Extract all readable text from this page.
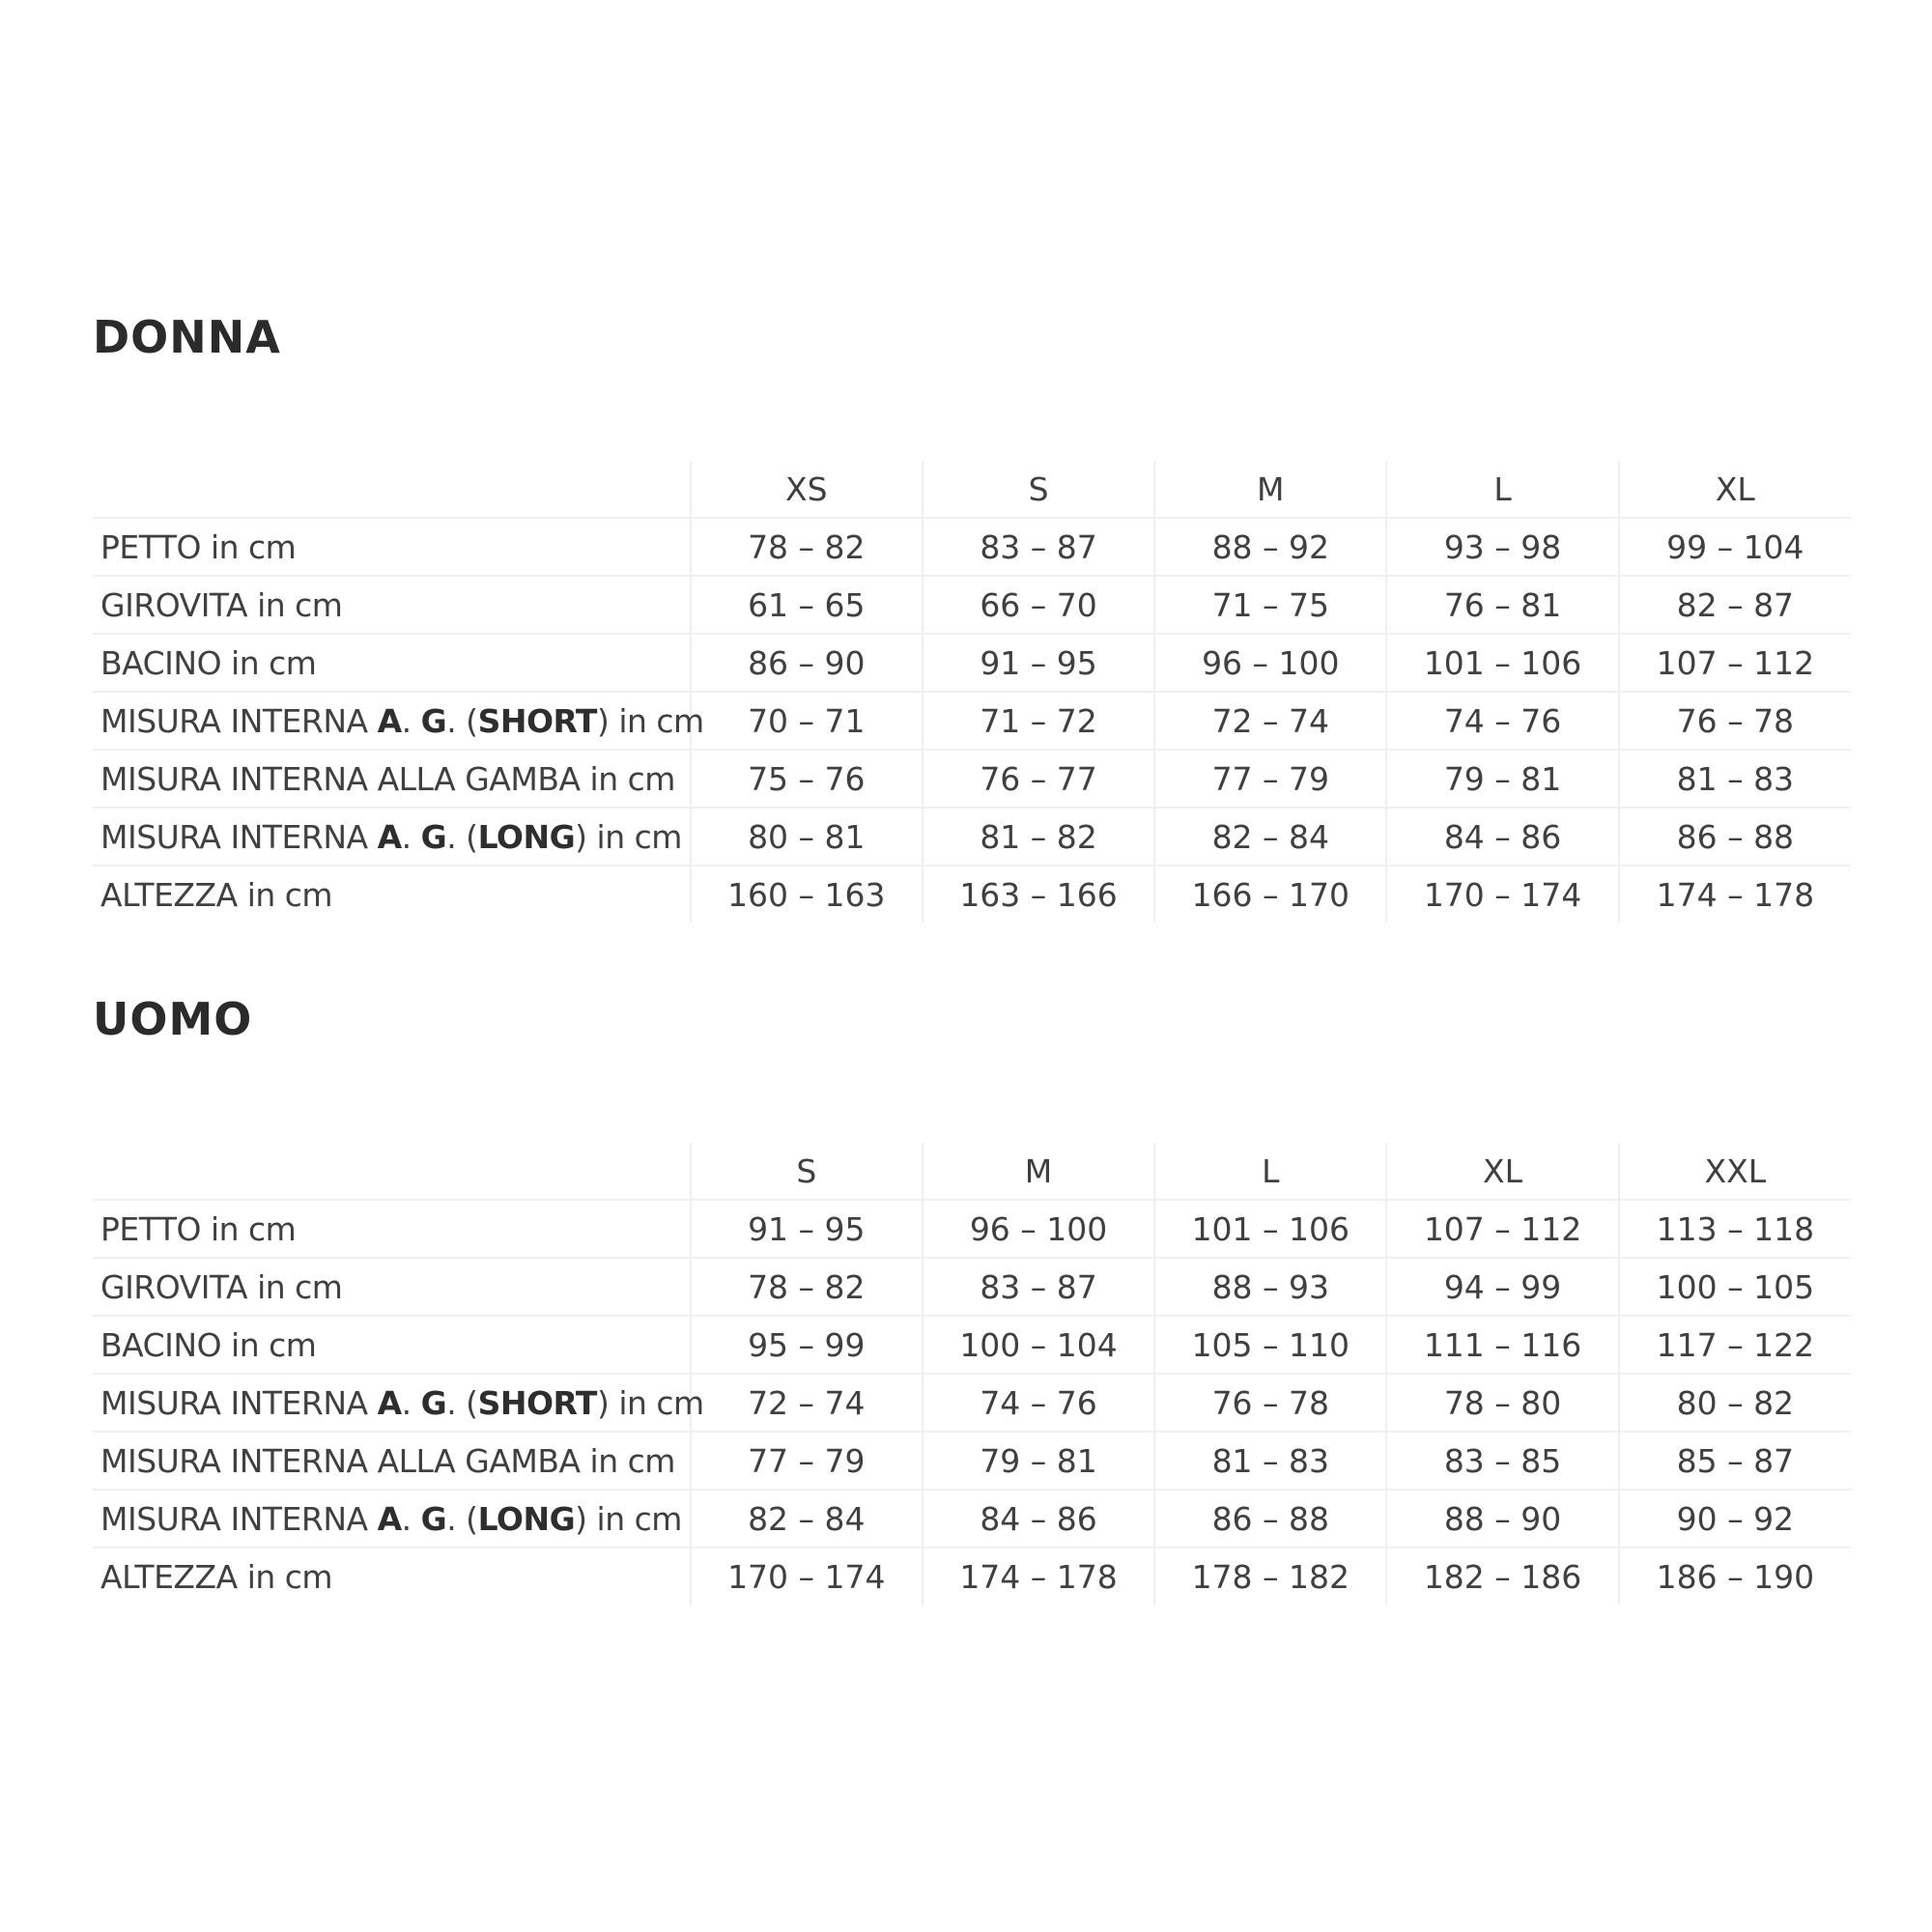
DONNA
	XS	S	M	L	XL
PETTO in cm	78 – 82	83 – 87	88 – 92	93 – 98	99 – 104
GIROVITA in cm	61 – 65	66 – 70	71 – 75	76 – 81	82 – 87
BACINO in cm	86 – 90	91 – 95	96 – 100	101 – 106	107 – 112
MISURA INTERNA A. G. (SHORT) in cm	70 – 71	71 – 72	72 – 74	74 – 76	76 – 78
MISURA INTERNA ALLA GAMBA in cm	75 – 76	76 – 77	77 – 79	79 – 81	81 – 83
MISURA INTERNA A. G. (LONG) in cm	80 – 81	81 – 82	82 – 84	84 – 86	86 – 88
ALTEZZA in cm	160 – 163	163 – 166	166 – 170	170 – 174	174 – 178
UOMO
	S	M	L	XL	XXL
PETTO in cm	91 – 95	96 – 100	101 – 106	107 – 112	113 – 118
GIROVITA in cm	78 – 82	83 – 87	88 – 93	94 – 99	100 – 105
BACINO in cm	95 – 99	100 – 104	105 – 110	111 – 116	117 – 122
MISURA INTERNA A. G. (SHORT) in cm	72 – 74	74 – 76	76 – 78	78 – 80	80 – 82
MISURA INTERNA ALLA GAMBA in cm	77 – 79	79 – 81	81 – 83	83 – 85	85 – 87
MISURA INTERNA A. G. (LONG) in cm	82 – 84	84 – 86	86 – 88	88 – 90	90 – 92
ALTEZZA in cm	170 – 174	174 – 178	178 – 182	182 – 186	186 – 190
